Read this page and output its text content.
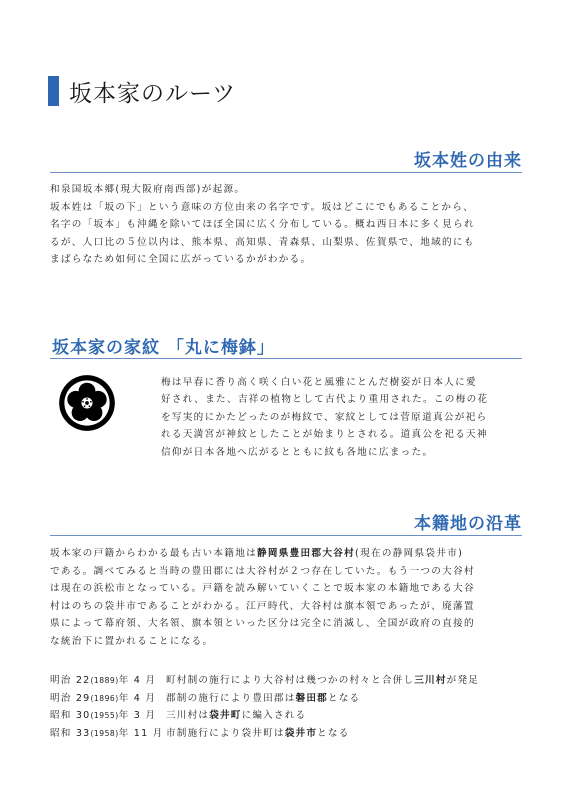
坂本家のルーツ
坂本姓の由来
和泉国坂本郷(現大阪府南西部)が起源。
坂本姓は「坂の下」という意味の方位由来の名字です。坂はどこにでもあることから、
名字の「坂本」も沖縄を除いてほぼ全国に広く分布している。概ね西日本に多く見られ
るが、人口比の５位以内は、熊本県、高知県、青森県、山梨県、佐賀県で、地域的にも
まばらなため如何に全国に広がっているかがわかる。
坂本家の家紋 「丸に梅鉢」
梅は早春に香り高く咲く白い花と風雅にとんだ樹姿が日本人に愛
好され、また、吉祥の植物として古代より重用された。この梅の花
を写実的にかたどったのが梅紋で、家紋としては菅原道真公が祀ら
れる天満宮が神紋としたことが始まりとされる。道真公を祀る天神
信仰が日本各地へ広がるとともに紋も各地に広まった。
本籍地の沿革
坂本家の戸籍からわかる最も古い本籍地は静岡県豊田郡大谷村(現在の静岡県袋井市)
である。調べてみると当時の豊田郡には大谷村が２つ存在していた。もう一つの大谷村
は現在の浜松市となっている。戸籍を読み解いていくことで坂本家の本籍地である大谷
村はのちの袋井市であることがわかる。江戸時代、大谷村は旗本領であったが、廃藩置
県によって幕府領、大名領、旗本領といった区分は完全に消滅し、全国が政府の直接的
な統治下に置かれることになる。
明治 22(1889)年 4 月	町村制の施行により大谷村は幾つかの村々と合併し三川村が発足
明治 29(1896)年 4 月	郡制の施行により豊田郡は磐田郡となる
昭和 30(1955)年 3 月	三川村は袋井町に編入される
昭和 33(1958)年 11 月 市制施行により袋井町は袋井市となる
